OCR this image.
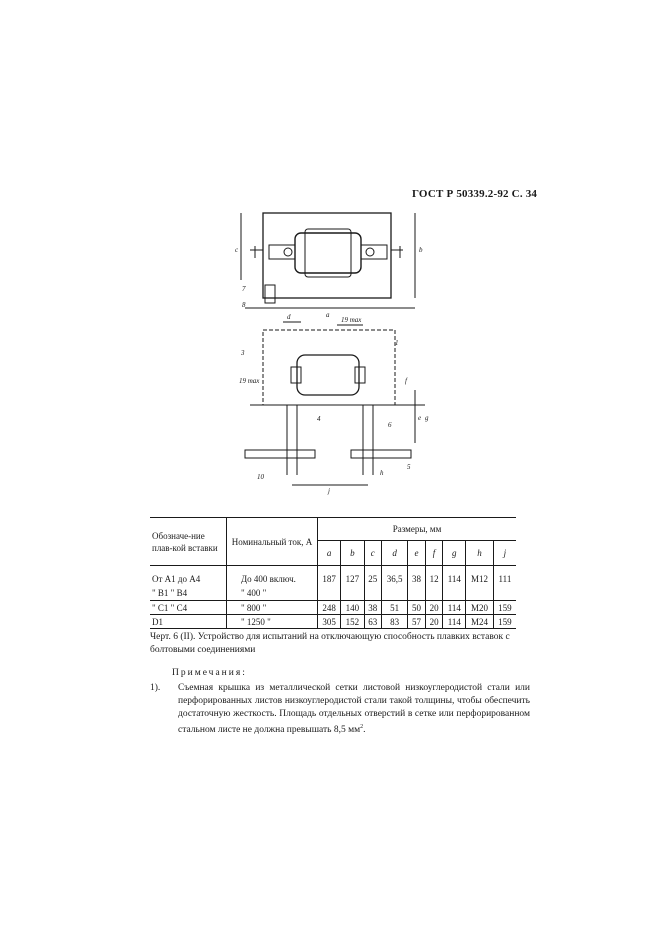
ГОСТ Р 50339.2-92 С. 34
a
b
c
d
e
f
g
h
j
19 max
19 max
1
3
4
5
6
7
8
10
Обозначе-ние плав-кой вставки	Номинальный ток, А	Размеры, мм								
		a	b	c	d	e	f	g	h	j
От A1 до A4	До 400 включ.	187	127	25	36,5	38	12	114	M12	111
" B1 " B4	" 400 "									
" C1 " C4	" 800 "	248	140	38	51	50	20	114	M20	159
D1	" 1250 "	305	152	63	83	57	20	114	M24	159
Черт. 6 (II). Устройство для испытаний на отключающую способность плавких вставок с болтовыми соединениями
Примечания:
1).	Съемная крышка из металлической сетки листовой низкоуглеродистой стали или перфорированных листов низкоуглеродистой стали такой толщины, чтобы обеспечить достаточную жесткость. Площадь отдельных отверстий в сетке или перфорированном стальном листе не должна превышать 8,5 $мм^2$.
